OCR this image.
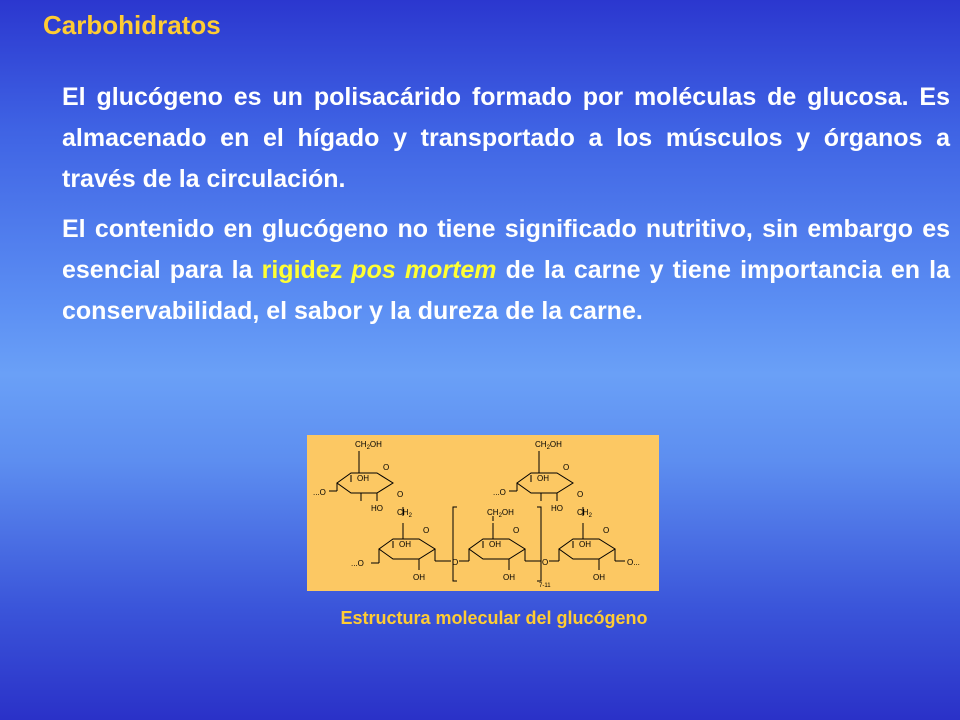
Carbohidratos

El glucógeno es un polisacárido formado por moléculas de glucosa. Es almacenado en el hígado y transportado a los músculos y órganos a través de la circulación.

El contenido en glucógeno no tiene significado nutritivo, sin embargo es esencial para la rigidez pos mortem de la carne y tiene importancia en la conservabilidad, el sabor y la dureza de la carne.

$CH_2OH$
O
OH
O
...O
HO
$CH_2OH$
O
OH
O
...O
HO
$CH_2$	$CH_2OH$	$CH_2$
O	O	O
OH	OH	OH
...O	O	O	O...
OH	OH	OH
7-11
Estructura molecular del glucógeno
